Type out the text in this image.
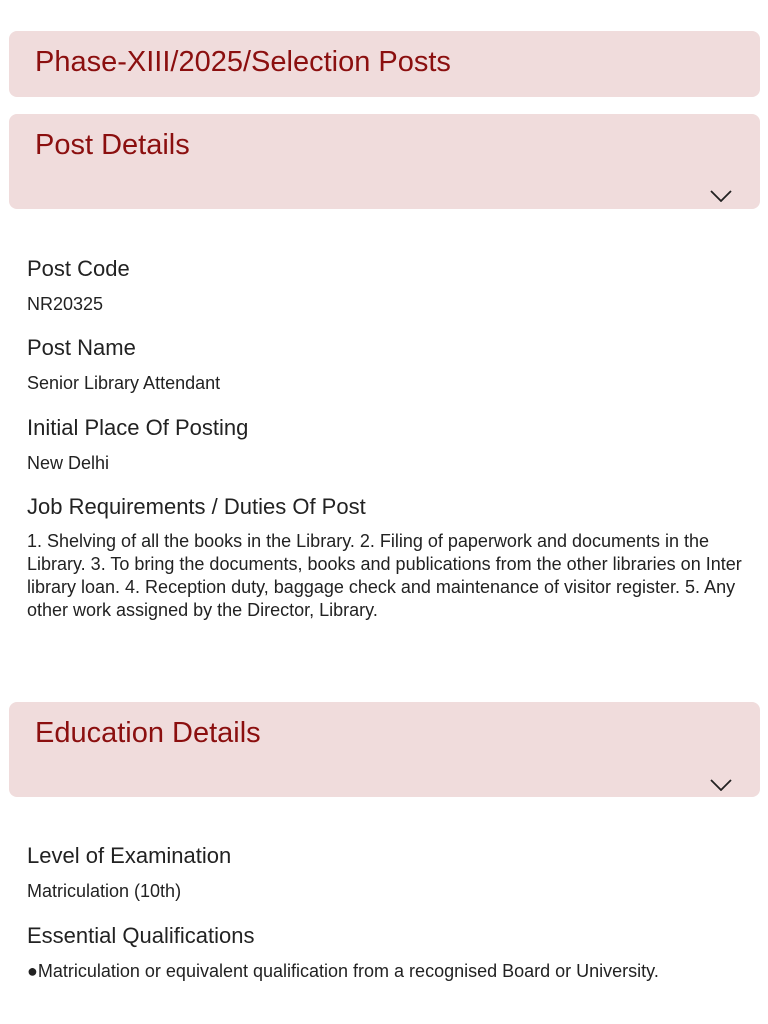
Phase-XIII/2025/Selection Posts
Post Details

Post Code

NR20325

Post Name

Senior Library Attendant

Initial Place Of Posting

New Delhi

Job Requirements / Duties Of Post

1. Shelving of all the books in the Library. 2. Filing of paperwork and documents in the Library. 3. To bring the documents, books and publications from the other libraries on Inter library loan. 4. Reception duty, baggage check and maintenance of visitor register. 5. Any other work assigned by the Director, Library.

Education Details

Level of Examination

Matriculation (10th)

Essential Qualifications

●Matriculation or equivalent qualification from a recognised Board or University.
